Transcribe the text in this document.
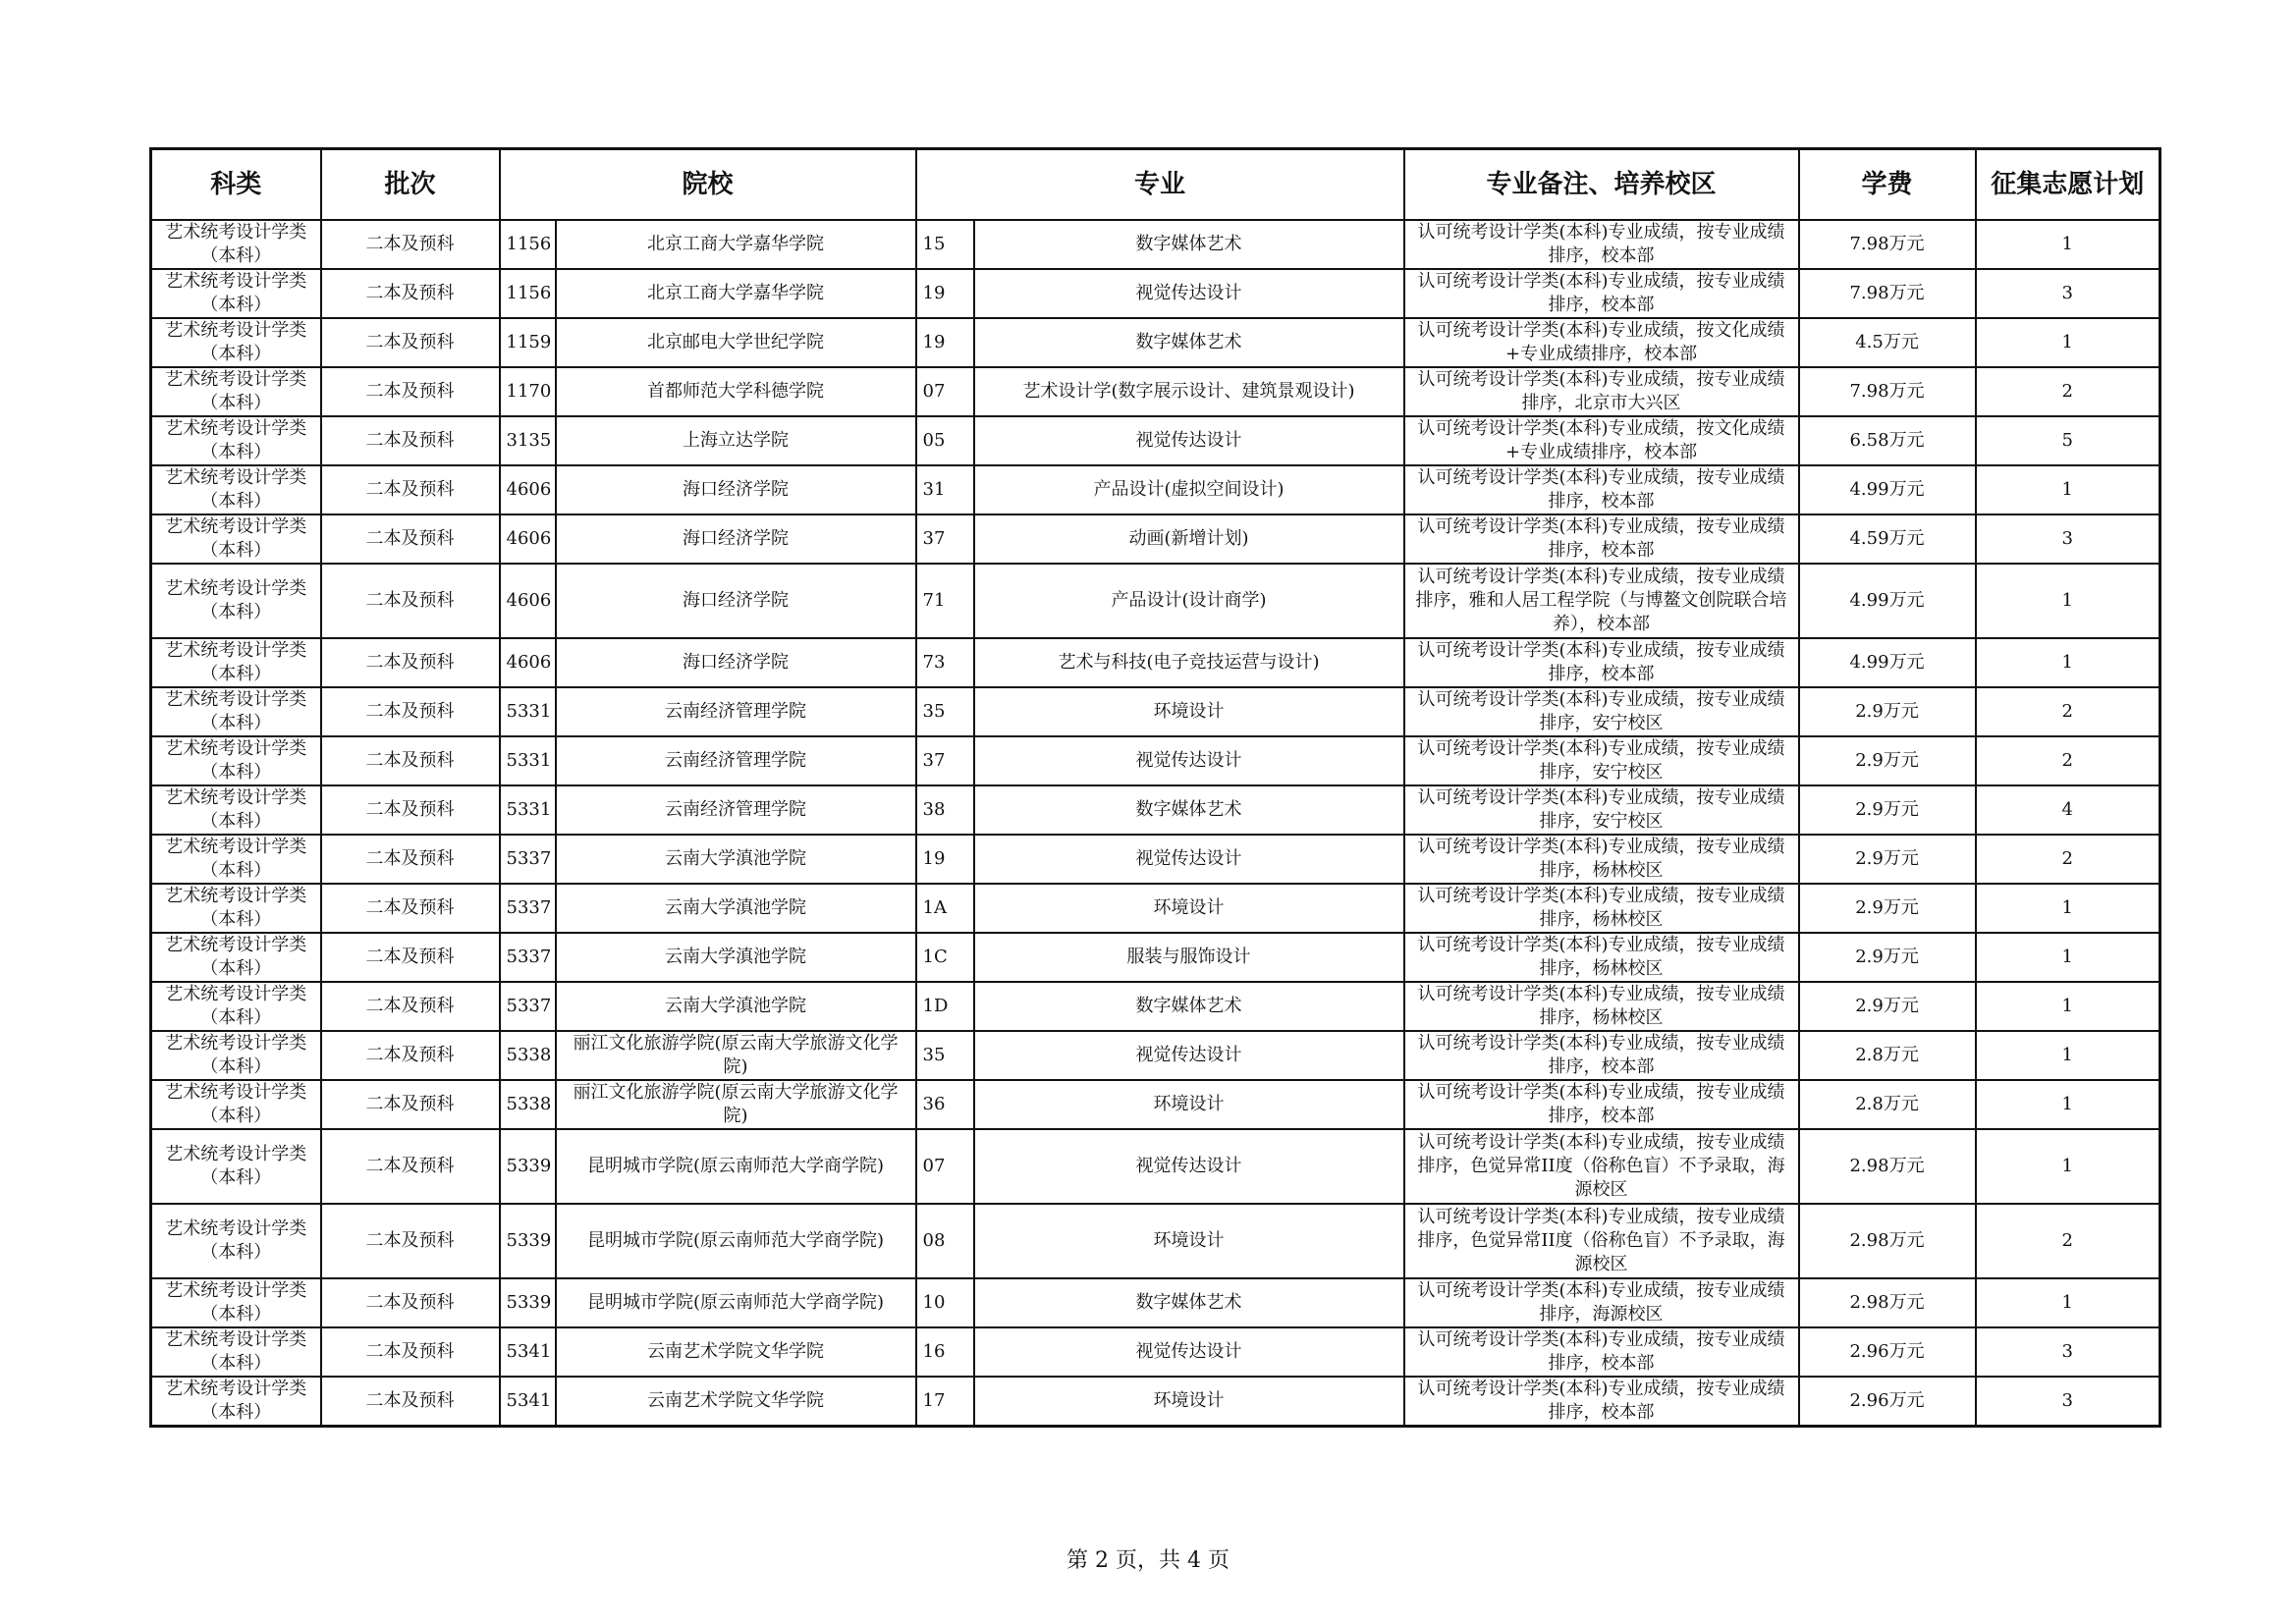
科类	批次	院校		专业		专业备注、培养校区	学费	征集志愿计划
艺术统考设计学类（本科）	二本及预科	1156	北京工商大学嘉华学院	15	数字媒体艺术	认可统考设计学类(本科)专业成绩，按专业成绩排序，校本部	7.98万元	1
艺术统考设计学类（本科）	二本及预科	1156	北京工商大学嘉华学院	19	视觉传达设计	认可统考设计学类(本科)专业成绩，按专业成绩排序，校本部	7.98万元	3
艺术统考设计学类（本科）	二本及预科	1159	北京邮电大学世纪学院	19	数字媒体艺术	认可统考设计学类(本科)专业成绩，按文化成绩+专业成绩排序，校本部	4.5万元	1
艺术统考设计学类（本科）	二本及预科	1170	首都师范大学科德学院	07	艺术设计学(数字展示设计、建筑景观设计)	认可统考设计学类(本科)专业成绩，按专业成绩排序，北京市大兴区	7.98万元	2
艺术统考设计学类（本科）	二本及预科	3135	上海立达学院	05	视觉传达设计	认可统考设计学类(本科)专业成绩，按文化成绩+专业成绩排序，校本部	6.58万元	5
艺术统考设计学类（本科）	二本及预科	4606	海口经济学院	31	产品设计(虚拟空间设计)	认可统考设计学类(本科)专业成绩，按专业成绩排序，校本部	4.99万元	1
艺术统考设计学类（本科）	二本及预科	4606	海口经济学院	37	动画(新增计划)	认可统考设计学类(本科)专业成绩，按专业成绩排序，校本部	4.59万元	3
艺术统考设计学类（本科）	二本及预科	4606	海口经济学院	71	产品设计(设计商学)	认可统考设计学类(本科)专业成绩，按专业成绩排序，雅和人居工程学院（与博鳌文创院联合培养），校本部	4.99万元	1
艺术统考设计学类（本科）	二本及预科	4606	海口经济学院	73	艺术与科技(电子竞技运营与设计)	认可统考设计学类(本科)专业成绩，按专业成绩排序，校本部	4.99万元	1
艺术统考设计学类（本科）	二本及预科	5331	云南经济管理学院	35	环境设计	认可统考设计学类(本科)专业成绩，按专业成绩排序，安宁校区	2.9万元	2
艺术统考设计学类（本科）	二本及预科	5331	云南经济管理学院	37	视觉传达设计	认可统考设计学类(本科)专业成绩，按专业成绩排序，安宁校区	2.9万元	2
艺术统考设计学类（本科）	二本及预科	5331	云南经济管理学院	38	数字媒体艺术	认可统考设计学类(本科)专业成绩，按专业成绩排序，安宁校区	2.9万元	4
艺术统考设计学类（本科）	二本及预科	5337	云南大学滇池学院	19	视觉传达设计	认可统考设计学类(本科)专业成绩，按专业成绩排序，杨林校区	2.9万元	2
艺术统考设计学类（本科）	二本及预科	5337	云南大学滇池学院	1A	环境设计	认可统考设计学类(本科)专业成绩，按专业成绩排序，杨林校区	2.9万元	1
艺术统考设计学类（本科）	二本及预科	5337	云南大学滇池学院	1C	服装与服饰设计	认可统考设计学类(本科)专业成绩，按专业成绩排序，杨林校区	2.9万元	1
艺术统考设计学类（本科）	二本及预科	5337	云南大学滇池学院	1D	数字媒体艺术	认可统考设计学类(本科)专业成绩，按专业成绩排序，杨林校区	2.9万元	1
艺术统考设计学类（本科）	二本及预科	5338	丽江文化旅游学院(原云南大学旅游文化学院)	35	视觉传达设计	认可统考设计学类(本科)专业成绩，按专业成绩排序，校本部	2.8万元	1
艺术统考设计学类（本科）	二本及预科	5338	丽江文化旅游学院(原云南大学旅游文化学院)	36	环境设计	认可统考设计学类(本科)专业成绩，按专业成绩排序，校本部	2.8万元	1
艺术统考设计学类（本科）	二本及预科	5339	昆明城市学院(原云南师范大学商学院)	07	视觉传达设计	认可统考设计学类(本科)专业成绩，按专业成绩排序，色觉异常II度（俗称色盲）不予录取，海源校区	2.98万元	1
艺术统考设计学类（本科）	二本及预科	5339	昆明城市学院(原云南师范大学商学院)	08	环境设计	认可统考设计学类(本科)专业成绩，按专业成绩排序，色觉异常II度（俗称色盲）不予录取，海源校区	2.98万元	2
艺术统考设计学类（本科）	二本及预科	5339	昆明城市学院(原云南师范大学商学院)	10	数字媒体艺术	认可统考设计学类(本科)专业成绩，按专业成绩排序，海源校区	2.98万元	1
艺术统考设计学类（本科）	二本及预科	5341	云南艺术学院文华学院	16	视觉传达设计	认可统考设计学类(本科)专业成绩，按专业成绩排序，校本部	2.96万元	3
艺术统考设计学类（本科）	二本及预科	5341	云南艺术学院文华学院	17	环境设计	认可统考设计学类(本科)专业成绩，按专业成绩排序，校本部	2.96万元	3
第 2 页，共 4 页
